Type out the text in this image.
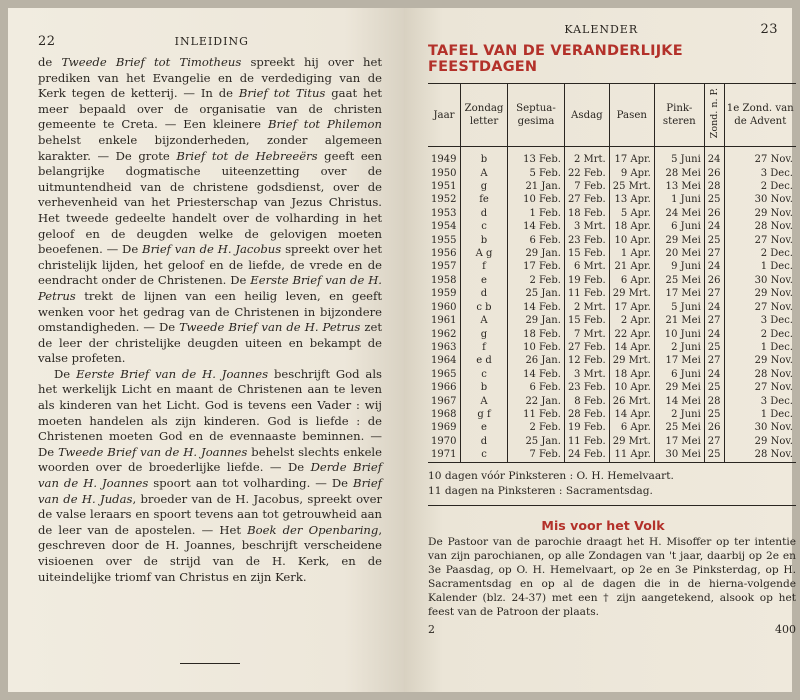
22	INLEIDING

de Tweede Brief tot Timotheus spreekt hij over het prediken van het Evangelie en de verdediging van de Kerk tegen de ketterij. — In de Brief tot Titus gaat het meer bepaald over de organisatie van de christen gemeente te Creta. — Een kleinere Brief tot Philemon behelst enkele bijzonderheden, zonder algemeen karakter. — De grote Brief tot de Hebreeërs geeft een belangrijke dogmatische uiteenzetting over de uitmuntendheid van de christene godsdienst, over de verhevenheid van het Priesterschap van Jezus Christus. Het tweede gedeelte handelt over de volharding in het geloof en de deugden welke de gelovigen moeten beoefenen. — De Brief van de H. Jacobus spreekt over het christelijk lijden, het geloof en de liefde, de vrede en de eendracht onder de Christenen. De Eerste Brief van de H. Petrus trekt de lijnen van een heilig leven, en geeft wenken voor het gedrag van de Christenen in bijzondere omstandigheden. — De Tweede Brief van de H. Petrus zet de leer der christelijke deugden uiteen en bekampt de valse profeten.

De Eerste Brief van de H. Joannes beschrijft God als het werkelijk Licht en maant de Christenen aan te leven als kinderen van het Licht. God is tevens een Vader : wij moeten handelen als zijn kinderen. God is liefde : de Christenen moeten God en de evennaaste beminnen. — De Tweede Brief van de H. Joannes behelst slechts enkele woorden over de broederlijke liefde. — De Derde Brief van de H. Joannes spoort aan tot volharding. — De Brief van de H. Judas, broeder van de H. Jacobus, spreekt over de valse leraars en spoort tevens aan tot getrouwheid aan de leer van de apostelen. — Het Boek der Openbaring, geschreven door de H. Joannes, beschrijft verscheidene visioenen over de strijd van de H. Kerk, en de uiteindelijke triomf van Christus en zijn Kerk.

KALENDER	23
TAFEL VAN DE VERANDERLIJKE FEESTDAGEN
Jaar	Zondag letter	Septua-gesima	Asdag	Pasen	Pink-steren	Zond. n. P.	1e Zond. van de Advent
1949	b	13 Feb.	2 Mrt.	17 Apr.	5 Juni	24	27 Nov.
1950	A	5 Feb.	22 Feb.	9 Apr.	28 Mei	26	3 Dec.
1951	g	21 Jan.	7 Feb.	25 Mrt.	13 Mei	28	2 Dec.
1952	fe	10 Feb.	27 Feb.	13 Apr.	1 Juni	25	30 Nov.
1953	d	1 Feb.	18 Feb.	5 Apr.	24 Mei	26	29 Nov.
1954	c	14 Feb.	3 Mrt.	18 Apr.	6 Juni	24	28 Nov.
1955	b	6 Feb.	23 Feb.	10 Apr.	29 Mei	25	27 Nov.
1956	A g	29 Jan.	15 Feb.	1 Apr.	20 Mei	27	2 Dec.
1957	f	17 Feb.	6 Mrt.	21 Apr.	9 Juni	24	1 Dec.
1958	e	2 Feb.	19 Feb.	6 Apr.	25 Mei	26	30 Nov.
1959	d	25 Jan.	11 Feb.	29 Mrt.	17 Mei	27	29 Nov.
1960	c b	14 Feb.	2 Mrt.	17 Apr.	5 Juni	24	27 Nov.
1961	A	29 Jan.	15 Feb.	2 Apr.	21 Mei	27	3 Dec.
1962	g	18 Feb.	7 Mrt.	22 Apr.	10 Juni	24	2 Dec.
1963	f	10 Feb.	27 Feb.	14 Apr.	2 Juni	25	1 Dec.
1964	e d	26 Jan.	12 Feb.	29 Mrt.	17 Mei	27	29 Nov.
1965	c	14 Feb.	3 Mrt.	18 Apr.	6 Juni	24	28 Nov.
1966	b	6 Feb.	23 Feb.	10 Apr.	29 Mei	25	27 Nov.
1967	A	22 Jan.	8 Feb.	26 Mrt.	14 Mei	28	3 Dec.
1968	g f	11 Feb.	28 Feb.	14 Apr.	2 Juni	25	1 Dec.
1969	e	2 Feb.	19 Feb.	6 Apr.	25 Mei	26	30 Nov.
1970	d	25 Jan.	11 Feb.	29 Mrt.	17 Mei	27	29 Nov.
1971	c	7 Feb.	24 Feb.	11 Apr.	30 Mei	25	28 Nov.
10 dagen vóór Pinksteren : O. H. Hemelvaart.
11 dagen na Pinksteren : Sacramentsdag.
Mis voor het Volk
De Pastoor van de parochie draagt het H. Misoffer op ter intentie van zijn parochianen, op alle Zondagen van 't jaar, daarbij op 2e en 3e Paasdag, op O. H. Hemelvaart, op 2e en 3e Pinksterdag, op H. Sacramentsdag en op al de dagen die in de hierna-volgende Kalender (blz. 24-37) met een † zijn aangetekend, alsook op het feest van de Patroon der plaats.
2	400
